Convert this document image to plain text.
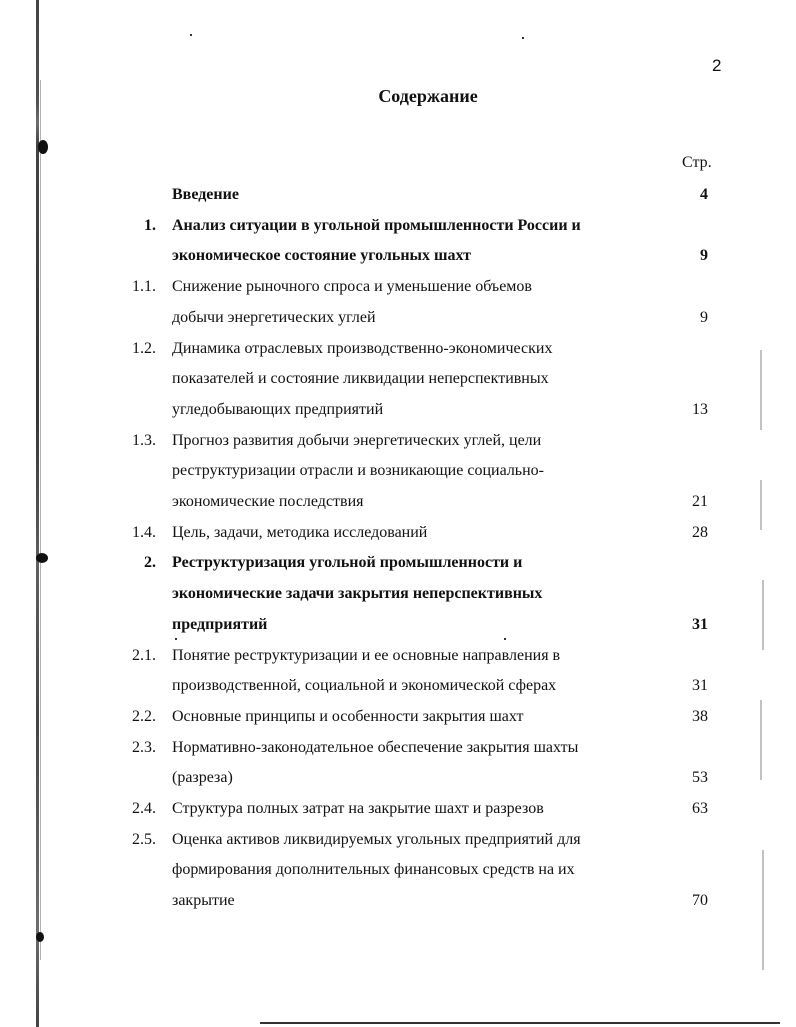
2
Содержание
Стр.
Введение	4
1. Анализ ситуации в угольной промышленности России и
экономическое состояние угольных шахт	9
1.1. Снижение рыночного спроса и уменьшение объемов
добычи энергетических углей	9
1.2. Динамика отраслевых производственно-экономических
показателей и состояние ликвидации неперспективных
угледобывающих предприятий	13
1.3. Прогноз развития добычи энергетических углей, цели
реструктуризации отрасли и возникающие социально-
экономические последствия	21
1.4. Цель, задачи, методика исследований	28
2. Реструктуризация угольной промышленности и
экономические задачи закрытия неперспективных
предприятий	31
2.1. Понятие реструктуризации и ее основные направления в
производственной, социальной и экономической сферах	31
2.2. Основные принципы и особенности закрытия шахт	38
2.3. Нормативно-законодательное обеспечение закрытия шахты
(разреза)	53
2.4. Структура полных затрат на закрытие шахт и разрезов	63
2.5. Оценка активов ликвидируемых угольных предприятий для
формирования дополнительных финансовых средств на их
закрытие	70
